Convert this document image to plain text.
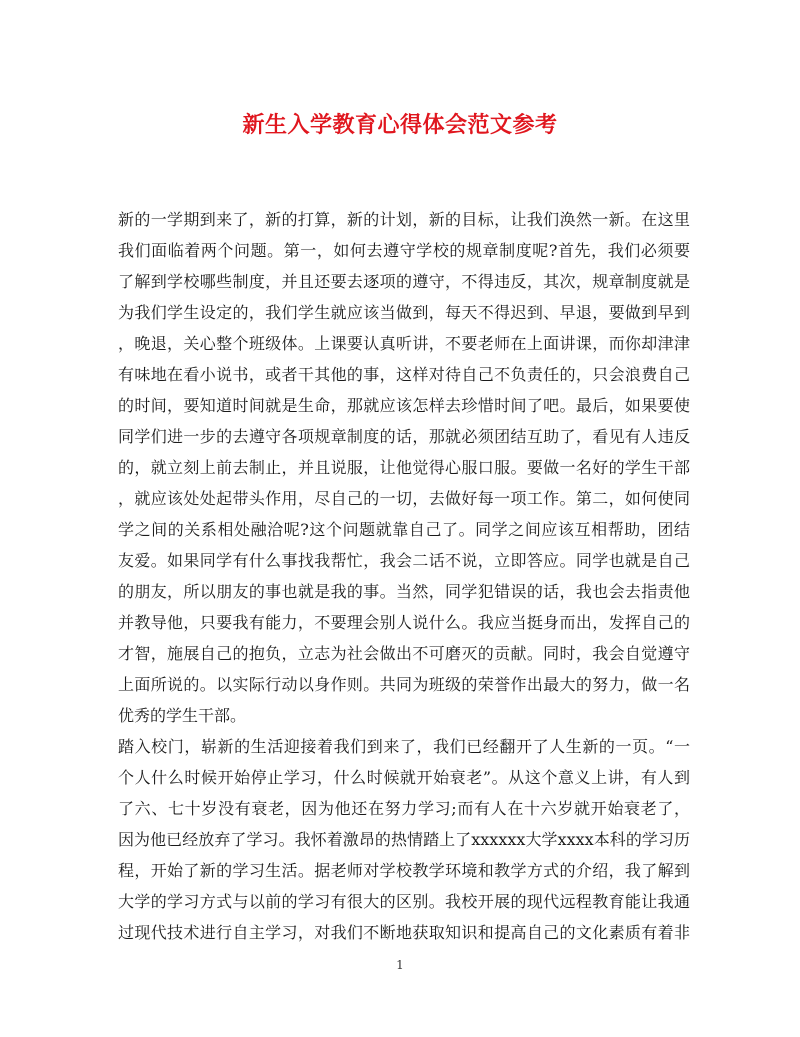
新生入学教育心得体会范文参考
新的一学期到来了，新的打算，新的计划，新的目标，让我们涣然一新。在这里
我们面临着两个问题。第一，如何去遵守学校的规章制度呢?首先，我们必须要
了解到学校哪些制度，并且还要去逐项的遵守，不得违反，其次，规章制度就是
为我们学生设定的，我们学生就应该当做到，每天不得迟到、早退，要做到早到
，晚退，关心整个班级体。上课要认真听讲，不要老师在上面讲课，而你却津津
有味地在看小说书，或者干其他的事，这样对待自己不负责任的，只会浪费自己
的时间，要知道时间就是生命，那就应该怎样去珍惜时间了吧。最后，如果要使
同学们进一步的去遵守各项规章制度的话，那就必须团结互助了，看见有人违反
的，就立刻上前去制止，并且说服，让他觉得心服口服。要做一名好的学生干部
，就应该处处起带头作用，尽自己的一切，去做好每一项工作。第二，如何使同
学之间的关系相处融洽呢?这个问题就靠自己了。同学之间应该互相帮助，团结
友爱。如果同学有什么事找我帮忙，我会二话不说，立即答应。同学也就是自己
的朋友，所以朋友的事也就是我的事。当然，同学犯错误的话，我也会去指责他
并教导他，只要我有能力，不要理会别人说什么。我应当挺身而出，发挥自己的
才智，施展自己的抱负，立志为社会做出不可磨灭的贡献。同时，我会自觉遵守
上面所说的。以实际行动以身作则。共同为班级的荣誉作出最大的努力，做一名
优秀的学生干部。
踏入校门，崭新的生活迎接着我们到来了，我们已经翻开了人生新的一页。“一
个人什么时候开始停止学习，什么时候就开始衰老”。从这个意义上讲，有人到
了六、七十岁没有衰老，因为他还在努力学习;而有人在十六岁就开始衰老了，
因为他已经放弃了学习。我怀着激昂的热情踏上了xxxxxx大学xxxx本科的学习历
程，开始了新的学习生活。据老师对学校教学环境和教学方式的介绍，我了解到
大学的学习方式与以前的学习有很大的区别。我校开展的现代远程教育能让我通
过现代技术进行自主学习，对我们不断地获取知识和提高自己的文化素质有着非
1
